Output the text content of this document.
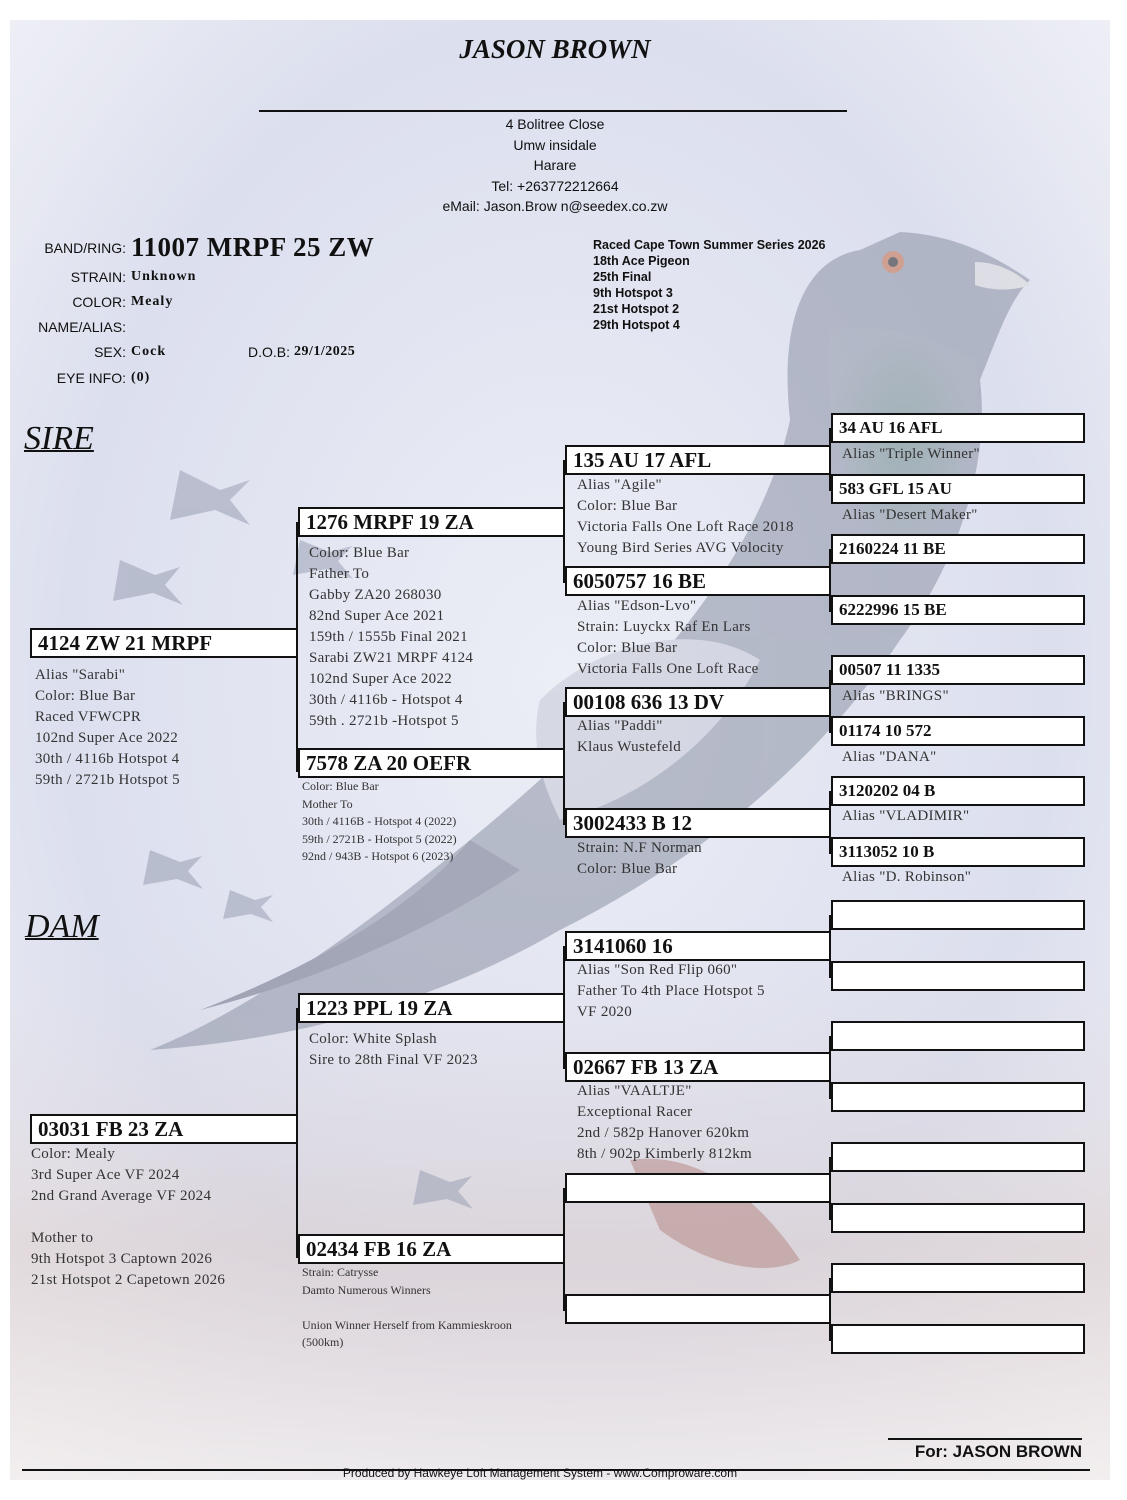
JASON BROWN
4 Bolitree Close
Umw insidale
Harare
Tel: +263772212664
eMail: Jason.Brow n@seedex.co.zw
BAND/RING: 11007 MRPF 25 ZW
STRAIN: Unknown
COLOR: Mealy
NAME/ALIAS:
SEX: Cock	D.O.B: 29/1/2025
EYE INFO: (0)
Raced Cape Town Summer Series 2026
18th Ace Pigeon
25th Final
9th Hotspot 3
21st Hotspot 2
29th Hotspot 4
SIRE
DAM
4124 ZW 21 MRPF
Alias "Sarabi"
Color: Blue Bar
Raced VFWCPR
102nd Super Ace 2022
30th / 4116b Hotspot 4
59th / 2721b Hotspot 5
03031 FB 23 ZA
Color: Mealy
3rd Super Ace VF 2024
2nd Grand Average VF 2024
Mother to
9th Hotspot 3 Captown 2026
21st Hotspot 2 Capetown 2026
1276 MRPF 19 ZA
Color: Blue Bar
Father To
Gabby ZA20 268030
82nd Super Ace 2021
159th / 1555b Final 2021
Sarabi ZW21 MRPF 4124
102nd Super Ace 2022
30th / 4116b - Hotspot 4
59th . 2721b -Hotspot 5
7578 ZA 20 OEFR
Color: Blue Bar
Mother To
30th / 4116B - Hotspot 4 (2022)
59th / 2721B - Hotspot 5 (2022)
92nd / 943B - Hotspot 6 (2023)
1223 PPL 19 ZA
Color: White Splash
Sire to 28th Final VF 2023
02434 FB 16 ZA
Strain: Catrysse
Damto Numerous Winners
Union Winner Herself from Kammieskroon
(500km)
135 AU 17 AFL
Alias "Agile"
Color: Blue Bar
Victoria Falls One Loft Race 2018
Young Bird Series AVG Volocity
6050757 16 BE
Alias "Edson-Lvo"
Strain: Luyckx Raf En Lars
Color: Blue Bar
Victoria Falls One Loft Race
00108 636 13 DV
Alias "Paddi"
Klaus Wustefeld
3002433 B 12
Strain: N.F Norman
Color: Blue Bar
3141060 16
Alias "Son Red Flip 060"
Father To 4th Place Hotspot 5
VF 2020
02667 FB 13 ZA
Alias "VAALTJE"
Exceptional Racer
2nd / 582p Hanover 620km
8th / 902p Kimberly 812km
34 AU 16 AFL
Alias "Triple Winner"
583 GFL 15 AU
Alias "Desert Maker"
2160224 11 BE
6222996 15 BE
00507 11 1335
Alias "BRINGS"
01174 10 572
Alias "DANA"
3120202 04 B
Alias "VLADIMIR"
3113052 10 B
Alias "D. Robinson"
For: JASON BROWN
Produced by Hawkeye Loft Management System - www.Comproware.com
